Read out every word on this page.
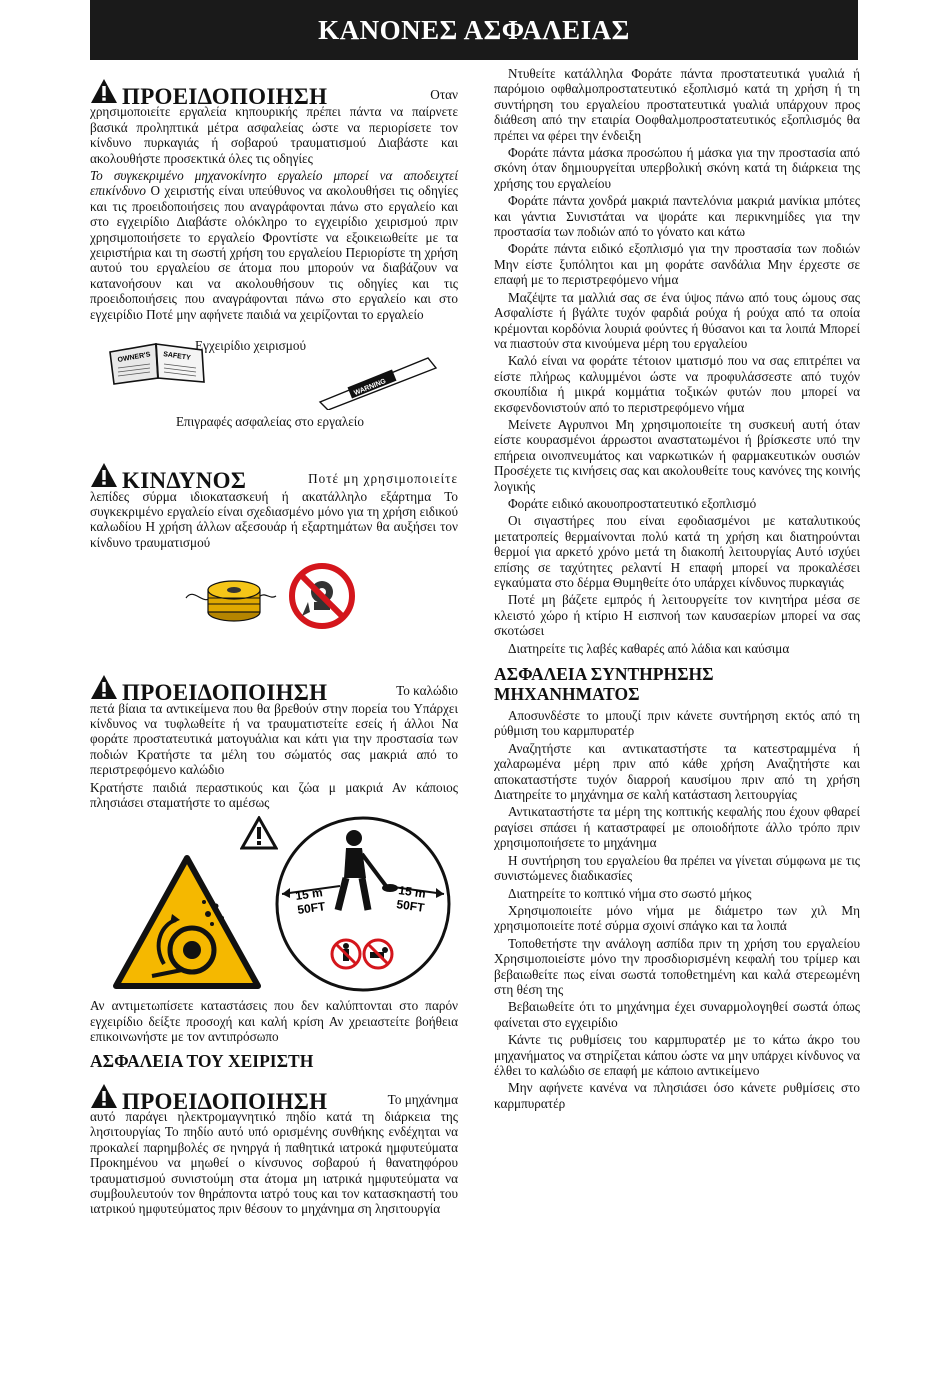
ΚΑΝΟΝΕΣ ΑΣΦΑΛΕΙΑΣ
ΠΡΟΕΙΔΟΠΟΙΗΣΗ	Οταν

χρησιμοποιείτε εργαλεία κηπουρικής πρέπει πάντα να παίρνετε βασικά προληπτικά μέτρα ασφαλείας ώστε να περιορίσετε τον κίνδυνο πυρκαγιάς ή σοβαρού τραυματισμού Διαβάστε και ακολουθήστε προσεκτικά όλες τις οδηγίες

Το συγκεκριμένο μηχανοκίνητο εργαλείο μπορεί να αποδειχτεί επικίνδυνο Ο χειριστής είναι υπεύθυνος να ακολουθήσει τις οδηγίες και τις προειδοποιήσεις που αναγράφονται πάνω στο εργαλείο και στο εγχειρίδιο Διαβάστε ολόκληρο το εγχειρίδιο χειρισμού πριν χρησιμοποιήσετε το εργαλείο Φροντίστε να εξοικειωθείτε με τα χειριστήρια και τη σωστή χρήση του εργαλείου Περιορίστε τη χρήση αυτού του εργαλείου σε άτομα που μπορούν να διαβάζουν να κατανοήσουν και να ακολουθήσουν τις οδηγίες και τις προειδοποιήσεις που αναγράφονται πάνω στο εργαλείο και στο εγχειρίδιο Ποτέ μην αφήνετε παιδιά να χειρίζονται το εργαλείο

OWNER'S SAFETY
Εγχειρίδιο χειρισμού
WARNING
Επιγραφές ασφαλείας στο εργαλείο
ΚΙΝΔΥΝΟΣ	Ποτέ μη χρησιμοποιείτε

λεπίδες σύρμα ιδιοκατασκευή ή ακατάλληλο εξάρτημα Το συγκεκριμένο εργαλείο είναι σχεδιασμένο μόνο για τη χρήση ειδικού καλωδίου Η χρήση άλλων αξεσουάρ ή εξαρτημάτων θα αυξήσει τον κίνδυνο τραυματισμού

ΠΡΟΕΙΔΟΠΟΙΗΣΗ	Το καλώδιο

πετά βίαια τα αντικείμενα που θα βρεθούν στην πορεία του Υπάρχει κίνδυνος να τυφλωθείτε ή να τραυματιστείτε εσείς ή άλλοι Να φοράτε προστατευτικά ματογυάλια και κάτι για την προστασία των ποδιών Κρατήστε τα μέλη του σώματός σας μακριά από το περιστρεφόμενο καλώδιο

Κρατήστε παιδιά περαστικούς και ζώα μ μακριά Αν κάποιος πλησιάσει σταματήστε το αμέσως

15 m
50FT
15 m
50FT

Αν αντιμετωπίσετε καταστάσεις που δεν καλύπτονται στο παρόν εγχειρίδιο δείξτε προσοχή και καλή κρίση Αν χρειαστείτε βοήθεια επικοινωνήστε με τον αντιπρόσωπο

ΑΣΦΑΛΕΙΑ ΤΟΥ ΧΕΙΡΙΣΤΗ
ΠΡΟΕΙΔΟΠΟΙΗΣΗ	Το μηχάνημα

αυτό παράγει ηλεκτρομαγνητικό πηδίο κατά τη διάρκεια της λησιτουργίας Το πηδίο αυτό υπό ορισμένης συνθήκης ενδέχηται να προκαλεί παρημβολές σε ηνηργά ή παθητικά ιατροκά ημφυτεύματα Προκημένου να μηωθεί ο κίνσυνος σοβαρού ή θανατηφόρου τραυματισμού συνιστούμη στα άτομα μη ιατρικά ημφυτεύματα να συμβουλευτούν τον θηράποντα ιατρό τους και τον κατασκηαστή του ιατρικού ημφυτεύματος πριν θέσουν το μηχάνημα ση λησιτουργία

Ντυθείτε κατάλληλα Φοράτε πάντα προστατευτικά γυαλιά ή παρόμοιο οφθαλμοπροστατευτικό εξοπλισμό κατά τη χρήση ή τη συντήρηση του εργαλείου προστατευτικά γυαλιά υπάρχουν προς διάθεση από την εταιρία Οοφθαλμοπροστατευτικός εξοπλισμός θα πρέπει να φέρει την ένδειξη

Φοράτε πάντα μάσκα προσώπου ή μάσκα για την προστασία από σκόνη όταν δημιουργείται υπερβολική σκόνη κατά τη διάρκεια της χρήσης του εργαλείου

Φοράτε πάντα χονδρά μακριά παντελόνια μακριά μανίκια μπότες και γάντια Συνιστάται να ψοράτε και περικνημίδες για την προστασία των ποδιών από το γόνατο και κάτω

Φοράτε πάντα ειδικό εξοπλισμό για την προστασία των ποδιών Μην είστε ξυπόλητοι και μη φοράτε σανδάλια Μην έρχεστε σε επαφή με το περιστρεφόμενο νήμα

Μαζέψτε τα μαλλιά σας σε ένα ύψος πάνω από τους ώμους σας Ασφαλίστε ή βγάλτε τυχόν φαρδιά ρούχα ή ρούχα από τα οποία κρέμονται κορδόνια λουριά φούντες ή θύσανοι και τα λοιπά Μπορεί να πιαστούν στα κινούμενα μέρη του εργαλείου

Καλό είναι να φοράτε τέτοιον ιματισμό που να σας επιτρέπει να είστε πλήρως καλυμμένοι ώστε να προφυλάσσεστε από τυχόν σκουπίδια ή μικρά κομμάτια τοξικών φυτών που μπορεί να εκσφενδονιστούν από το περιστρεφόμενο νήμα

Μείνετε Αγρυπνοι Μη χρησιμοποιείτε τη συσκευή αυτή όταν είστε κουρασμένοι άρρωστοι αναστατωμένοι ή βρίσκεστε υπό την επήρεια οινοπνευμάτος και ναρκωτικών ή φαρμακευτικών ουσιών Προσέχετε τις κινήσεις σας και ακολουθείτε τους κανόνες της κοινής λογικής

Φοράτε ειδικό ακουοπροστατευτικό εξοπλισμό

Οι σιγαστήρες που είναι εφοδιασμένοι με καταλυτικούς μετατροπείς θερμαίνονται πολύ κατά τη χρήση και διατηρούνται θερμοί για αρκετό χρόνο μετά τη διακοπή λειτουργίας Αυτό ισχύει επίσης σε ταχύτητες ρελαντί Η επαφή μπορεί να προκαλέσει εγκαύματα στο δέρμα Θυμηθείτε ότο υπάρχει κίνδυνος πυρκαγιάς

Ποτέ μη βάζετε εμπρός ή λειτουργείτε τον κινητήρα μέσα σε κλειστό χώρο ή κτίριο Η εισπνοή των καυσαερίων μπορεί να σας σκοτώσει

Διατηρείτε τις λαβές καθαρές από λάδια και καύσιμα

ΑΣΦΑΛΕΙΑ ΣΥΝΤΗΡΗΣΗΣ
ΜΗΧΑΝΗΜΑΤΟΣ

Αποσυνδέστε το μπουζί πριν κάνετε συντήρηση εκτός από τη ρύθμιση του καρμπυρατέρ

Αναζητήστε και αντικαταστήστε τα κατεστραμμένα ή χαλαρωμένα μέρη πριν από κάθε χρήση Αναζητήστε και αποκαταστήστε τυχόν διαρροή καυσίμου πριν από τη χρήση Διατηρείτε το μηχάνημα σε καλή κατάσταση λειτουργίας

Αντικαταστήστε τα μέρη της κοπτικής κεφαλής που έχουν φθαρεί ραγίσει σπάσει ή καταστραφεί με οποιοδήποτε άλλο τρόπο πριν χρησιμοποιήσετε το μηχάνημα

Η συντήρηση του εργαλείου θα πρέπει να γίνεται σύμφωνα με τις συνιστώμενες διαδικασίες

Διατηρείτε το κοπτικό νήμα στο σωστό μήκος

Χρησιμοποιείτε μόνο νήμα με διάμετρο των χιλ Μη χρησιμοποιείτε ποτέ σύρμα σχοινί σπάγκο και τα λοιπά

Τοποθετήστε την ανάλογη ασπίδα πριν τη χρήση του εργαλείου Χρησιμοποιείστε μόνο την προσδιορισμένη κεφαλή του τρίμερ και βεβαιωθείτε πως είναι σωστά τοποθετημένη και καλά στερεωμένη στη θέση της

Βεβαιωθείτε ότι το μηχάνημα έχει συναρμολογηθεί σωστά όπως φαίνεται στο εγχειρίδιο

Κάντε τις ρυθμίσεις του καρμπυρατέρ με το κάτω άκρο του μηχανήματος να στηρίζεται κάπου ώστε να μην υπάρχει κίνδυνος να έλθει το καλώδιο σε επαφή με κάποιο αντικείμενο

Μην αφήνετε κανένα να πλησιάσει όσο κάνετε ρυθμίσεις στο καρμπυρατέρ
